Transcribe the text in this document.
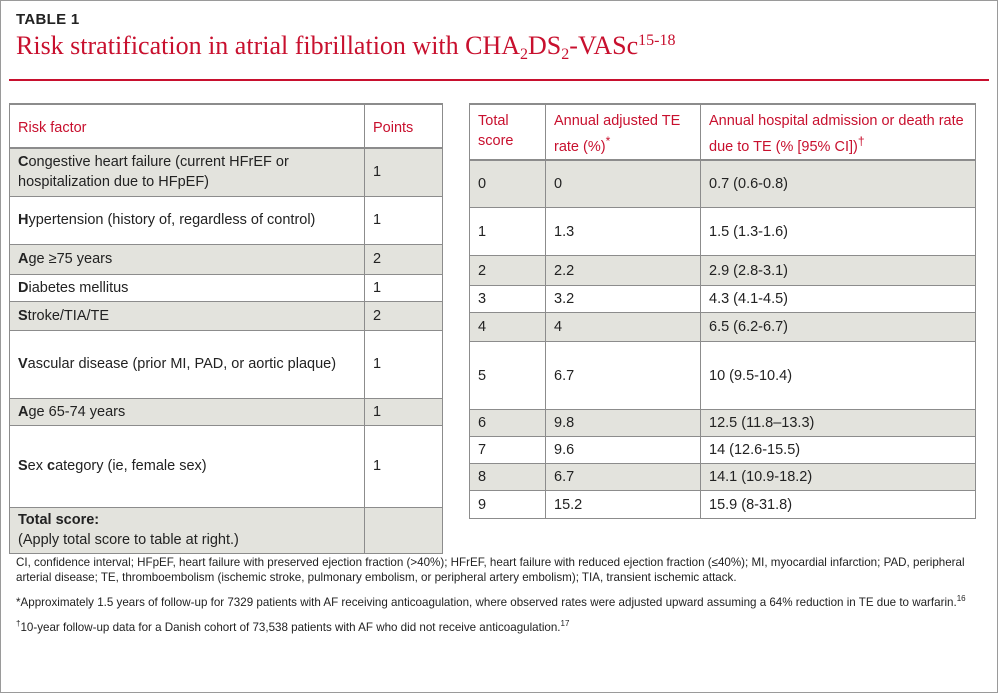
TABLE 1
Risk stratification in atrial fibrillation with $CHA_2DS_2-VASc^{15-18}$
Risk factor	Points
Congestive heart failure (current HFrEF or hospitalization due to HFpEF)	1
Hypertension (history of, regardless of control)	1
Age ≥75 years	2
Diabetes mellitus	1
Stroke/TIA/TE	2
Vascular disease (prior MI, PAD, or aortic plaque)	1
Age 65-74 years	1
Sex category (ie, female sex)	1

Total score:
(Apply total score to table at right.)	

Total score	Annual adjusted TE rate (%)*	Annual hospital admission or death rate due to TE (% [95% CI])†
0	0	0.7 (0.6-0.8)
1	1.3	1.5 (1.3-1.6)
2	2.2	2.9 (2.8-3.1)
3	3.2	4.3 (4.1-4.5)
4	4	6.5 (6.2-6.7)
5	6.7	10 (9.5-10.4)
6	9.8	12.5 (11.8–13.3)
7	9.6	14 (12.6-15.5)
8	6.7	14.1 (10.9-18.2)
9	15.2	15.9 (8-31.8)

CI, confidence interval; HFpEF, heart failure with preserved ejection fraction (>40%); HFrEF, heart failure with reduced ejection fraction (≤40%); MI, myocardial infarction; PAD, peripheral arterial disease; TE, thromboembolism (ischemic stroke, pulmonary embolism, or peripheral artery embolism); TIA, transient ischemic attack.

*Approximately 1.5 years of follow-up for 7329 patients with AF receiving anticoagulation, where observed rates were adjusted upward assuming a 64% reduction in TE due to warfarin.$^{16}$

†10-year follow-up data for a Danish cohort of 73,538 patients with AF who did not receive anticoagulation.$^{17}$
